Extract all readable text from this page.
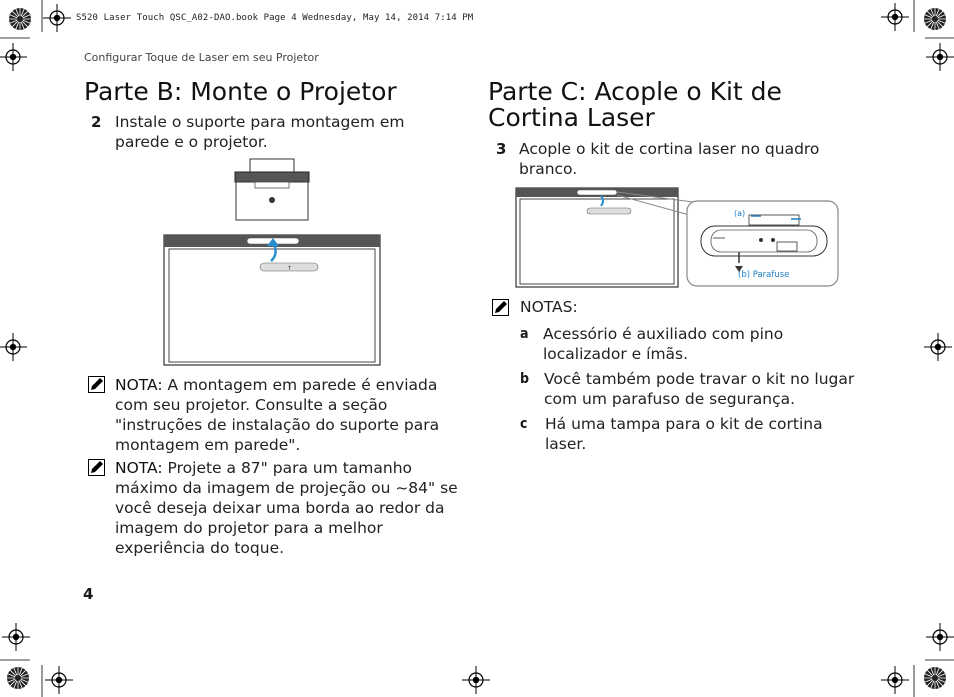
S520 Laser Touch QSC_A02-DAO.book Page 4 Wednesday, May 14, 2014 7:14 PM
Configurar Toque de Laser em seu Projetor
Parte B: Monte o Projetor
2 Instale o suporte para montagem em
parede e o projetor.
↑
NOTA: A montagem em parede é enviada
com seu projetor. Consulte a seção
"instruções de instalação do suporte para
montagem em parede".
NOTA: Projete a 87" para um tamanho
máximo da imagem de projeção ou ~84" se
você deseja deixar uma borda ao redor da
imagem do projetor para a melhor
experiência do toque.
4
Parte C: Acople o Kit de
Cortina Laser
3 Acople o kit de cortina laser no quadro
branco.
(a)
(b) Parafuse
NOTAS:
a Acessório é auxiliado com pino
localizador e ímãs.
b Você também pode travar o kit no lugar
com um parafuso de segurança.
c Há uma tampa para o kit de cortina
laser.
